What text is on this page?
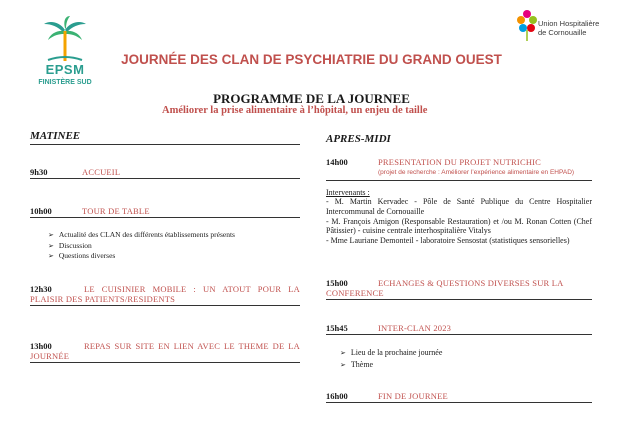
EPSM
FINISTÈRE SUD
Union Hospitalière
de Cornouaille
JOURNÉE DES CLAN DE PSYCHIATRIE DU GRAND OUEST
PROGRAMME DE LA JOURNEE
Améliorer la prise alimentaire à l’hôpital, un enjeu de taille
MATINEE
9h30	ACCUEIL
10h00	TOUR DE TABLE
➢ Actualité des CLAN des différents établissements présents
➢ Discussion
➢ Questions diverses
12h30	LE CUISINIER MOBILE : UN ATOUT POUR LA PLAISIR DES PATIENTS/RESIDENTS
13h00	REPAS SUR SITE EN LIEN AVEC LE THEME DE LA JOURNÉE
APRES-MIDI
14h00	PRESENTATION DU PROJET NUTRICHIC
(projet de recherche : Améliorer l’expérience alimentaire en EHPAD)
Intervenants :

- M. Martin Kervadec - Pôle de Santé Publique du Centre Hospitalier Intercommunal de Cornouaille

- M. François Amigon (Responsable Restauration) et /ou M. Ronan Cotten (Chef Pâtissier) - cuisine centrale interhospitalière Vitalys

- Mme Lauriane Demonteil - laboratoire Sensostat (statistiques sensorielles)

15h00	ECHANGES & QUESTIONS DIVERSES SUR LA CONFERENCE
15h45	INTER-CLAN 2023
➢ Lieu de la prochaine journée
➢ Thème
16h00	FIN DE JOURNEE
